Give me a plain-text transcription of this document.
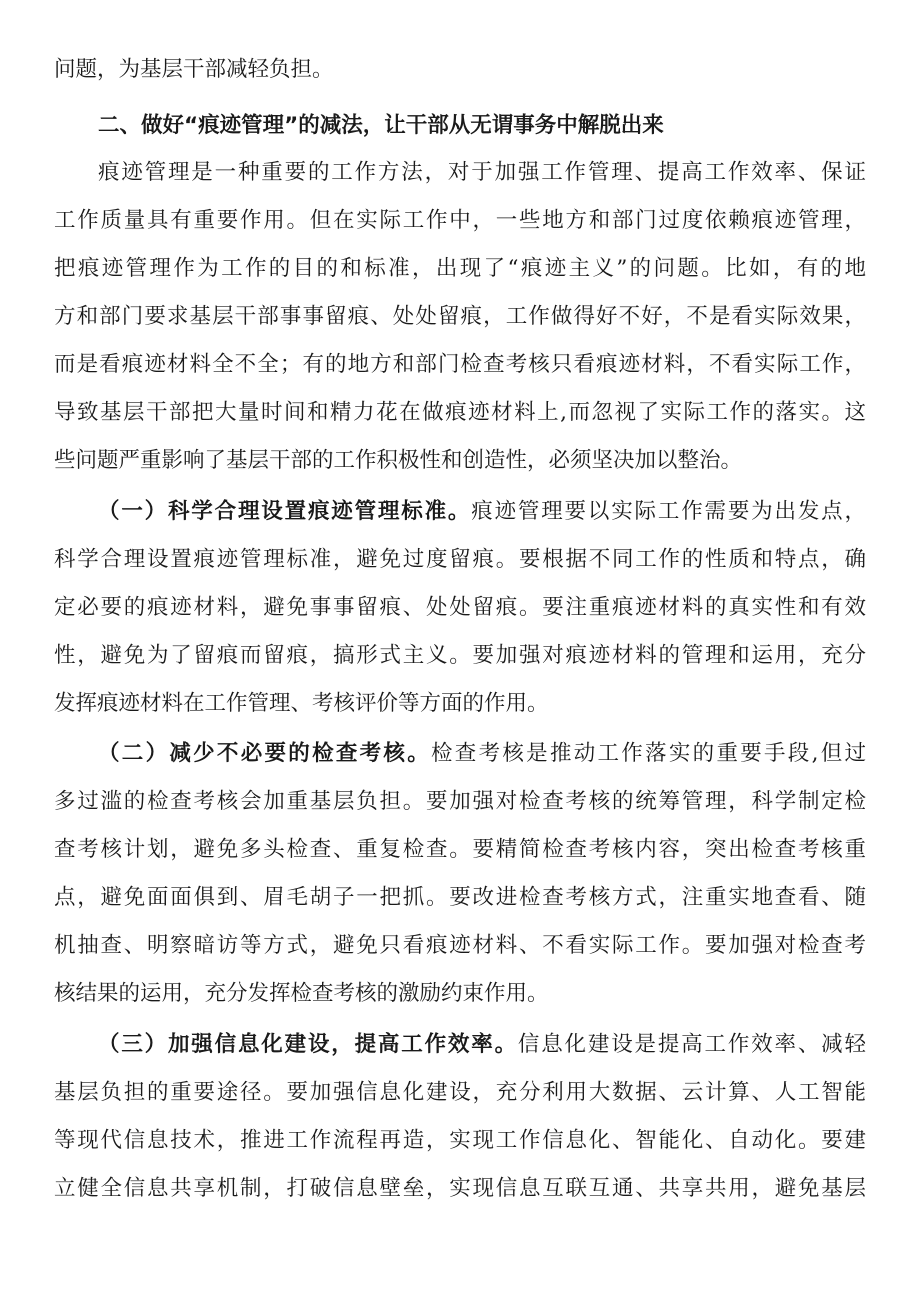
问题，为基层干部减轻负担。
二、做好“痕迹管理”的减法，让干部从无谓事务中解脱出来
痕迹管理是一种重要的工作方法，对于加强工作管理、提高工作效率、保证
工作质量具有重要作用。但在实际工作中，一些地方和部门过度依赖痕迹管理，
把痕迹管理作为工作的目的和标准，出现了“痕迹主义”的问题。比如，有的地
方和部门要求基层干部事事留痕、处处留痕，工作做得好不好，不是看实际效果，
而是看痕迹材料全不全；有的地方和部门检查考核只看痕迹材料，不看实际工作，
导致基层干部把大量时间和精力花在做痕迹材料上,而忽视了实际工作的落实。这
些问题严重影响了基层干部的工作积极性和创造性，必须坚决加以整治。
（一）科学合理设置痕迹管理标准。痕迹管理要以实际工作需要为出发点，
科学合理设置痕迹管理标准，避免过度留痕。要根据不同工作的性质和特点，确
定必要的痕迹材料，避免事事留痕、处处留痕。要注重痕迹材料的真实性和有效
性，避免为了留痕而留痕，搞形式主义。要加强对痕迹材料的管理和运用，充分
发挥痕迹材料在工作管理、考核评价等方面的作用。
（二）减少不必要的检查考核。检查考核是推动工作落实的重要手段,但过
多过滥的检查考核会加重基层负担。要加强对检查考核的统筹管理，科学制定检
查考核计划，避免多头检查、重复检查。要精简检查考核内容，突出检查考核重
点，避免面面俱到、眉毛胡子一把抓。要改进检查考核方式，注重实地查看、随
机抽查、明察暗访等方式，避免只看痕迹材料、不看实际工作。要加强对检查考
核结果的运用，充分发挥检查考核的激励约束作用。
（三）加强信息化建设，提高工作效率。信息化建设是提高工作效率、减轻
基层负担的重要途径。要加强信息化建设，充分利用大数据、云计算、人工智能
等现代信息技术，推进工作流程再造，实现工作信息化、智能化、自动化。要建
立健全信息共享机制，打破信息壁垒，实现信息互联互通、共享共用，避免基层
